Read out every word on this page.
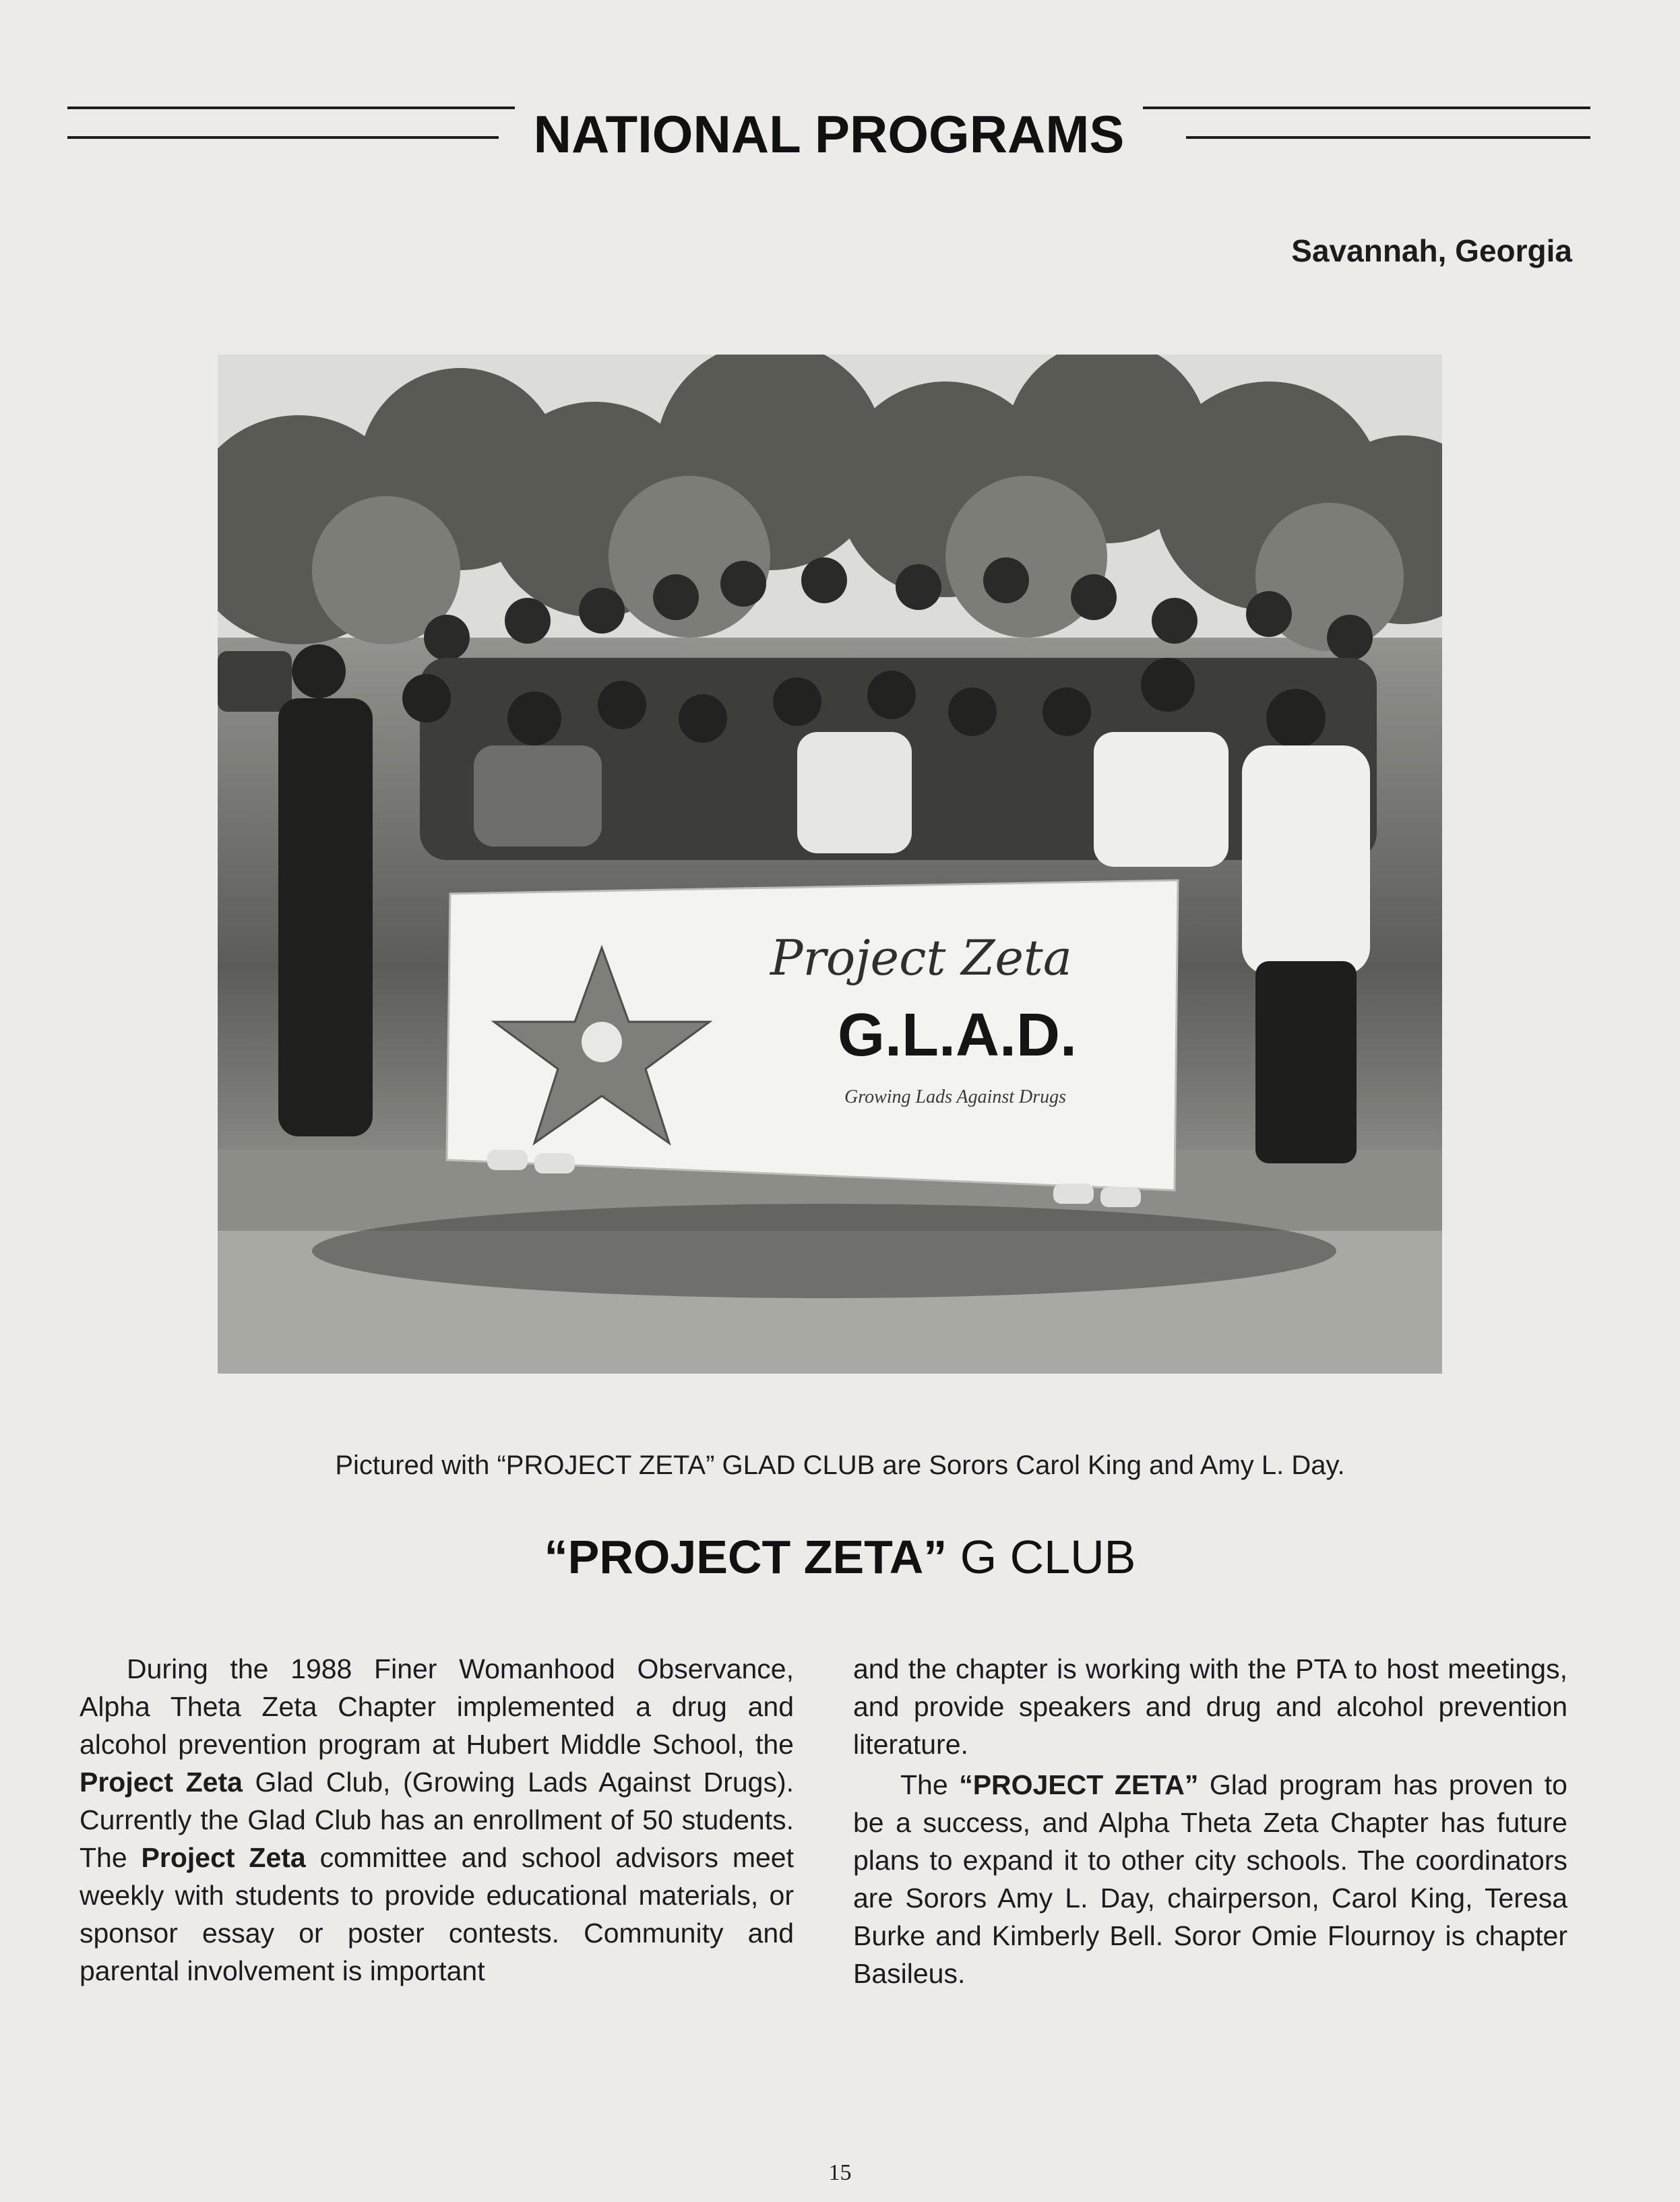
NATIONAL PROGRAMS
Savannah, Georgia
Project Zeta
G.L.A.D.
Growing Lads Against Drugs
Pictured with “PROJECT ZETA” GLAD CLUB are Sorors Carol King and Amy L. Day.
“PROJECT ZETA” G CLUB

During the 1988 Finer Womanhood Observance, Alpha Theta Zeta Chapter implemented a drug and alcohol prevention program at Hubert Middle School, the Project Zeta Glad Club, (Growing Lads Against Drugs). Currently the Glad Club has an enrollment of 50 students. The Project Zeta committee and school advisors meet weekly with students to provide educational materials, or sponsor essay or poster contests. Community and parental involvement is important

and the chapter is working with the PTA to host meetings, and provide speakers and drug and alcohol prevention literature.

The “PROJECT ZETA” Glad program has proven to be a success, and Alpha Theta Zeta Chapter has future plans to expand it to other city schools. The coordinators are Sorors Amy L. Day, chairperson, Carol King, Teresa Burke and Kimberly Bell. Soror Omie Flournoy is chapter Basileus.

15
